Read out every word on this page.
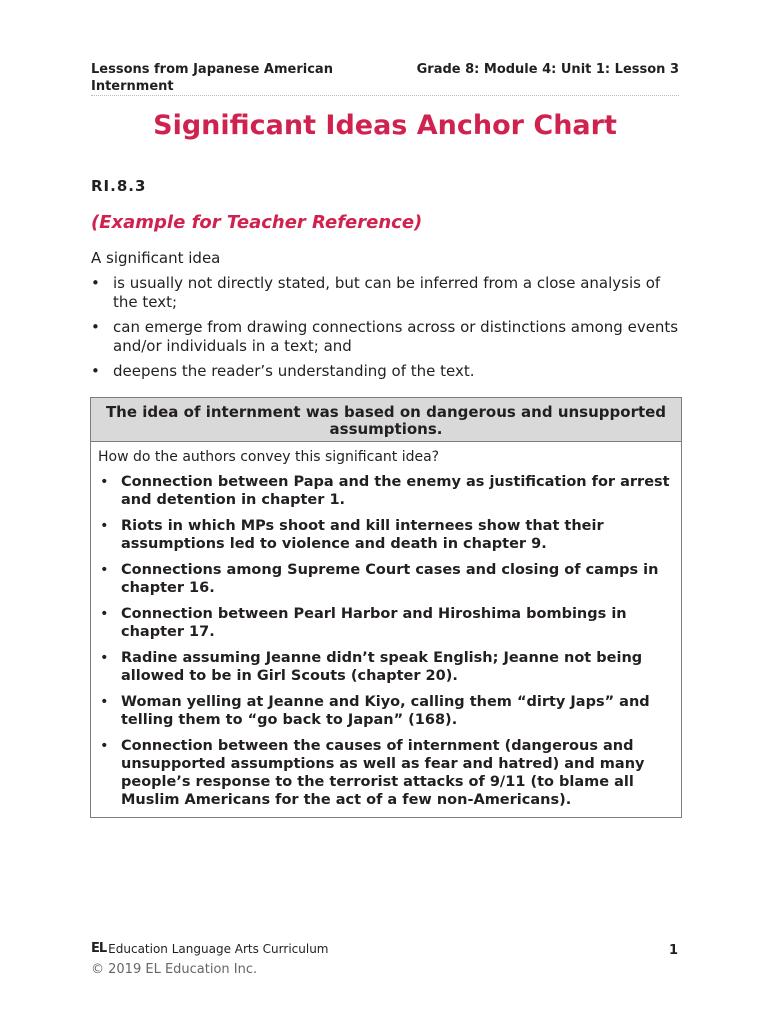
Lessons from Japanese American Internment
Grade 8: Module 4: Unit 1: Lesson 3
Significant Ideas Anchor Chart
RI.8.3
(Example for Teacher Reference)
A significant idea
• is usually not directly stated, but can be inferred from a close analysis of the text;
• can emerge from drawing connections across or distinctions among events and/or individuals in a text; and
• deepens the reader’s understanding of the text.
The idea of internment was based on dangerous and unsupported assumptions.
How do the authors convey this significant idea?
• Connection between Papa and the enemy as justification for arrest and detention in chapter 1.
• Riots in which MPs shoot and kill internees show that their assumptions led to violence and death in chapter 9.
• Connections among Supreme Court cases and closing of camps in chapter 16.
• Connection between Pearl Harbor and Hiroshima bombings in chapter 17.
• Radine assuming Jeanne didn’t speak English; Jeanne not being allowed to be in Girl Scouts (chapter 20).
• Woman yelling at Jeanne and Kiyo, calling them “dirty Japs” and telling them to “go back to Japan” (168).
• Connection between the causes of internment (dangerous and unsupported assumptions as well as fear and hatred) and many people’s response to the terrorist attacks of 9/11 (to blame all Muslim Americans for the act of a few non-Americans).
EL Education Language Arts Curriculum	1
© 2019 EL Education Inc.
